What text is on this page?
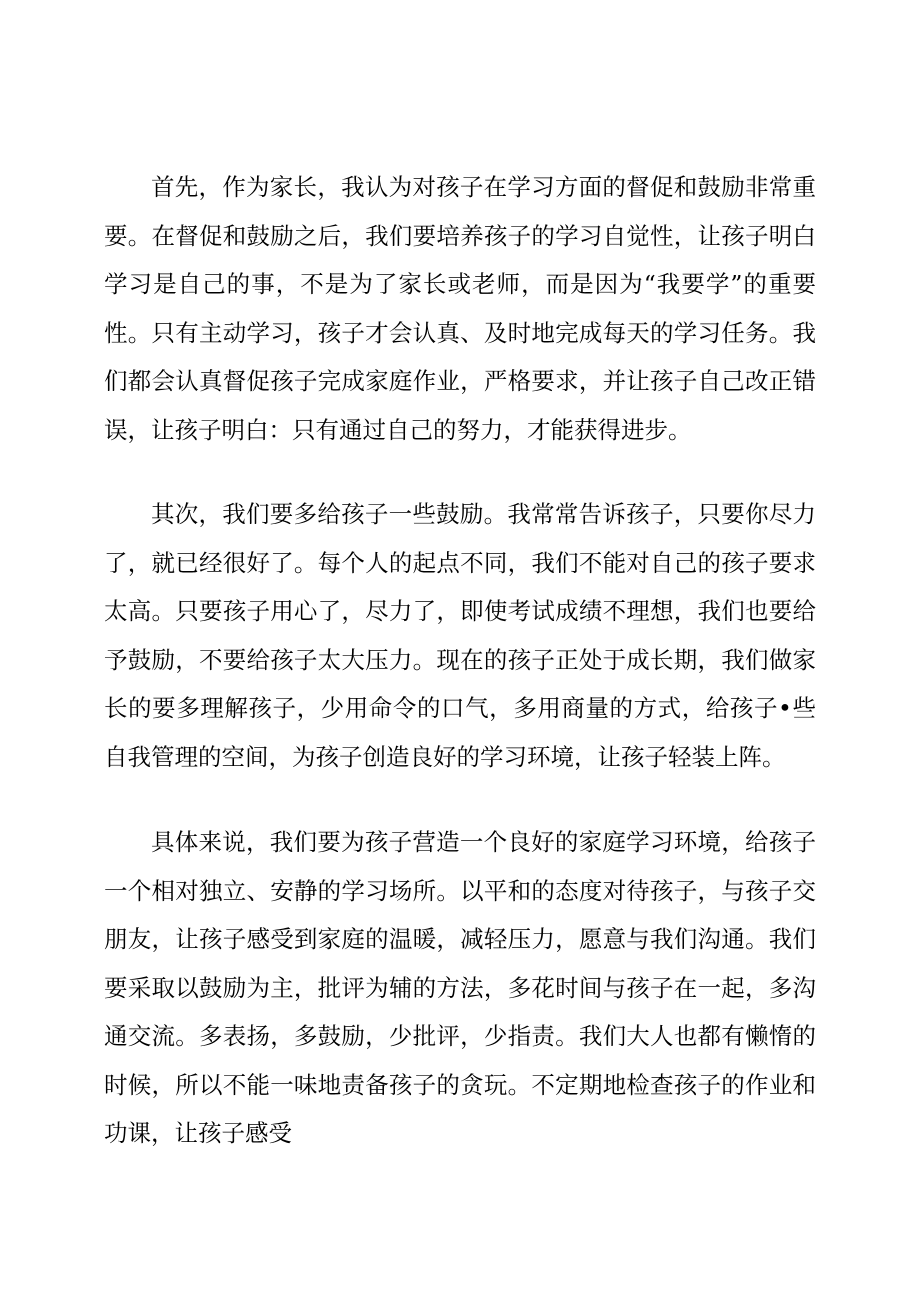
首先，作为家长，我认为对孩子在学习方面的督促和鼓励非常重要。在督促和鼓励之后，我们要培养孩子的学习自觉性，让孩子明白学习是自己的事，不是为了家长或老师，而是因为“我要学”的重要性。只有主动学习，孩子才会认真、及时地完成每天的学习任务。我们都会认真督促孩子完成家庭作业，严格要求，并让孩子自己改正错误，让孩子明白：只有通过自己的努力，才能获得进步。

其次，我们要多给孩子一些鼓励。我常常告诉孩子，只要你尽力了，就已经很好了。每个人的起点不同，我们不能对自己的孩子要求太高。只要孩子用心了，尽力了，即使考试成绩不理想，我们也要给予鼓励，不要给孩子太大压力。现在的孩子正处于成长期，我们做家长的要多理解孩子，少用命令的口气，多用商量的方式，给孩子•些自我管理的空间，为孩子创造良好的学习环境，让孩子轻装上阵。

具体来说，我们要为孩子营造一个良好的家庭学习环境，给孩子一个相对独立、安静的学习场所。以平和的态度对待孩子，与孩子交朋友，让孩子感受到家庭的温暖，减轻压力，愿意与我们沟通。我们要采取以鼓励为主，批评为辅的方法，多花时间与孩子在一起，多沟通交流。多表扬，多鼓励，少批评，少指责。我们大人也都有懒惰的时候，所以不能一味地责备孩子的贪玩。不定期地检查孩子的作业和功课，让孩子感受
